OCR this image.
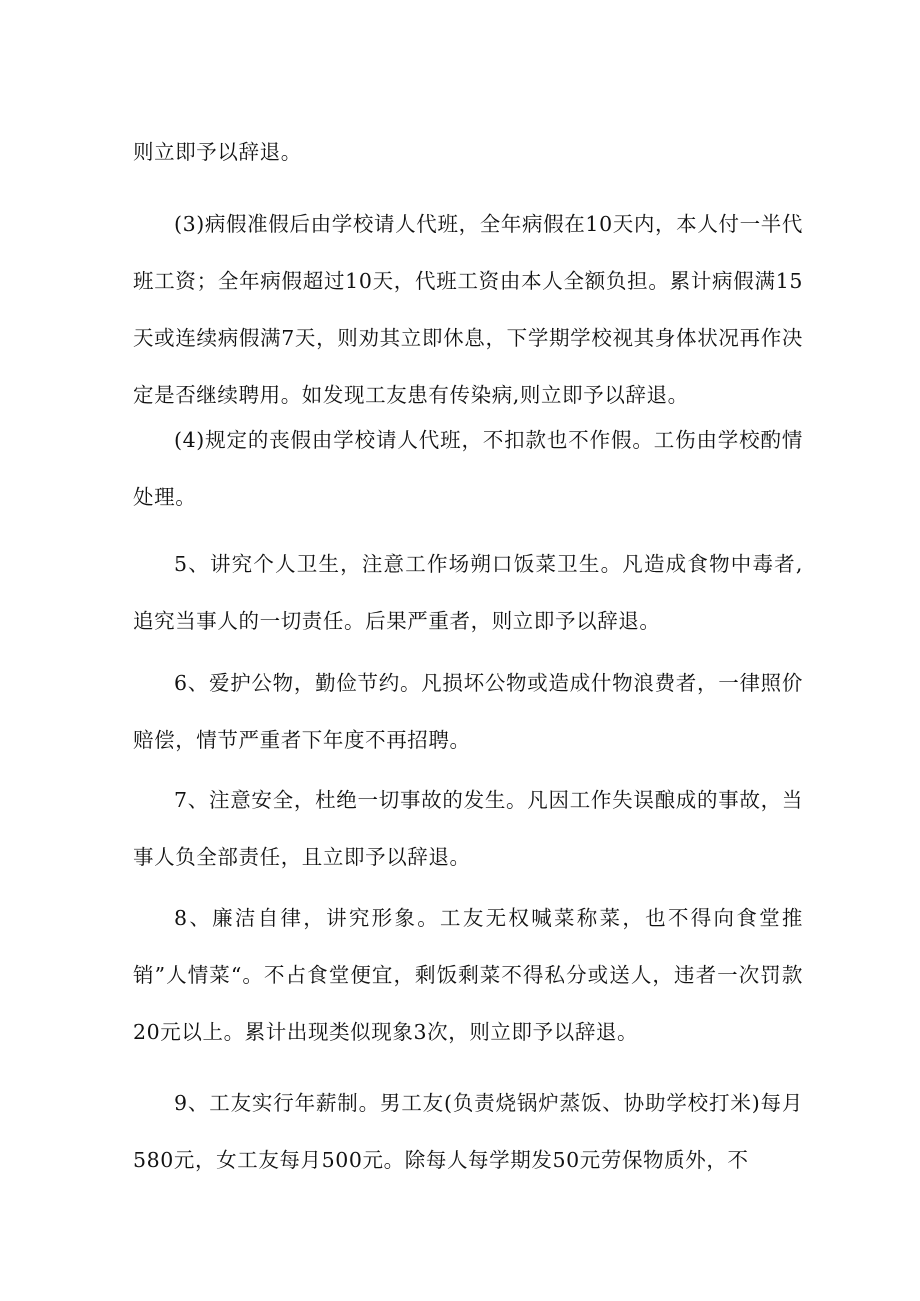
则立即予以辞退。

(3)病假准假后由学校请人代班，全年病假在10天内，本人付一半代班工资；全年病假超过10天，代班工资由本人全额负担。累计病假满15天或连续病假满7天，则劝其立即休息，下学期学校视其身体状况再作决定是否继续聘用。如发现工友患有传染病,则立即予以辞退。

(4)规定的丧假由学校请人代班，不扣款也不作假。工伤由学校酌情处理。

5、讲究个人卫生，注意工作场朔口饭菜卫生。凡造成食物中毒者,追究当事人的一切责任。后果严重者，则立即予以辞退。

6、爱护公物，勤俭节约。凡损坏公物或造成什物浪费者，一律照价赔偿，情节严重者下年度不再招聘。

7、注意安全，杜绝一切事故的发生。凡因工作失误酿成的事故，当事人负全部责任，且立即予以辞退。

8、廉洁自律，讲究形象。工友无权喊菜称菜，也不得向食堂推销”人情菜“。不占食堂便宜，剩饭剩菜不得私分或送人，违者一次罚款20元以上。累计出现类似现象3次，则立即予以辞退。

9、工友实行年薪制。男工友(负责烧锅炉蒸饭、协助学校打米)每月580元，女工友每月500元。除每人每学期发50元劳保物质外，不
